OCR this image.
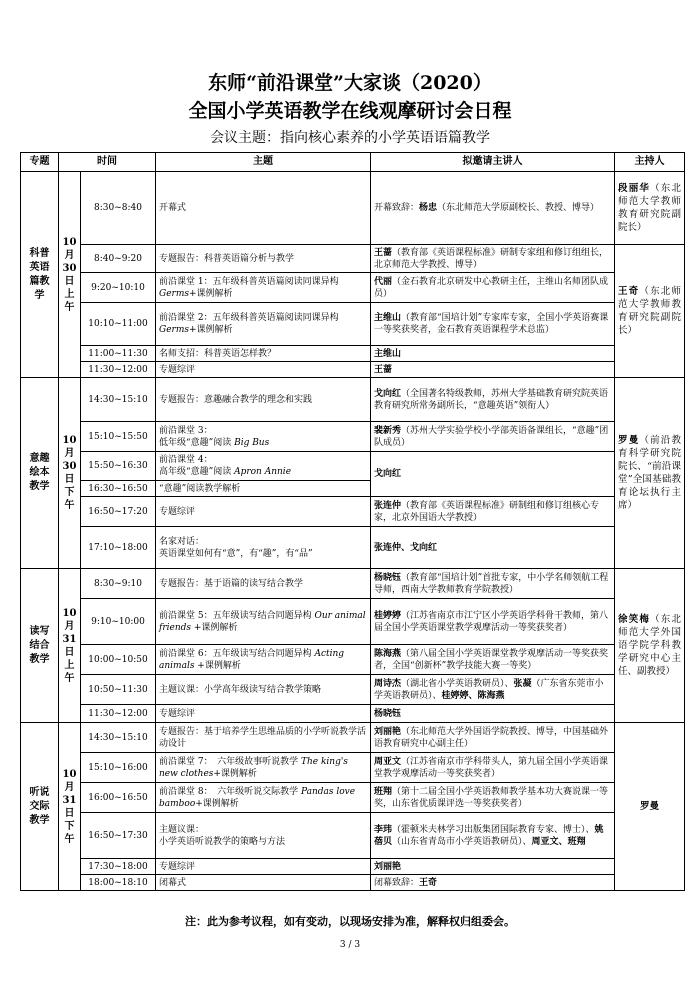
东师“前沿课堂”大家谈（2020）
全国小学英语教学在线观摩研讨会日程
会议主题：指向核心素养的小学英语语篇教学
专题	时间		主题	拟邀请主讲人	主持人
科普英语篇教学	10月30日上午	8:30~8:40	开幕式	开幕致辞：杨忠（东北师范大学原副校长、教授、博导）	段丽华（东北师范大学教师教育研究院副院长）
		8:40~9:20	专题报告：科普英语篇分析与教学	王蔷（教育部《英语课程标准》研制专家组和修订组组长，北京师范大学教授、博导）	王奇（东北师范大学教师教育研究院副院长）
		9:20~10:10	前沿课堂 1：五年级科普英语篇阅读同课异构 Germs+课例解析	代丽（金石教育北京研发中心教研主任，主维山名师团队成员）	
		10:10~11:00	前沿课堂 2：五年级科普英语篇阅读同课异构 Germs+课例解析	主维山（教育部“国培计划”专家库专家，全国小学英语赛课一等奖获奖者，金石教育英语课程学术总监）	
		11:00~11:30	名师支招：科普英语怎样教？	主维山	
		11:30~12:00	专题综评	王蔷	
意趣绘本教学	10月30日下午	14:30~15:10	专题报告：意趣融合教学的理念和实践	戈向红（全国著名特级教师，苏州大学基础教育研究院英语教育研究所常务副所长，“意趣英语”领衔人）	罗曼（前沿教育科学研究院院长、“前沿课堂”全国基础教育论坛执行主席）
		15:10~15:50	前沿课堂 3：
低年级“意趣”阅读 Big Bus	裴新秀（苏州大学实验学校小学部英语备课组长，“意趣”团队成员）	
		15:50~16:30	前沿课堂 4：
高年级“意趣”阅读 Apron Annie	戈向红	
		16:30~16:50	“意趣”阅读教学解析		
		16:50~17:20	专题综评	张连仲（教育部《英语课程标准》研制组和修订组核心专家，北京外国语大学教授）	
		17:10~18:00	名家对话：
英语课堂如何有“意”，有“趣”，有“品”	张连仲、戈向红	
读写结合教学	10月31日上午	8:30~9:10	专题报告：基于语篇的读写结合教学	杨晓钰（教育部“国培计划”首批专家，中小学名师领航工程导师，西南大学教师教育学院教授）	徐笑梅（东北师范大学外国语学院学科教学研究中心主任、副教授）
		9:10~10:00	前沿课堂 5：五年级读写结合同题异构 Our animal friends +课例解析	桂婷婷（江苏省南京市江宁区小学英语学科骨干教师，第八届全国小学英语课堂教学观摩活动一等奖获奖者）	
		10:00~10:50	前沿课堂 6：五年级读写结合同题异构 Acting animals +课例解析	陈海燕（第八届全国小学英语课堂教学观摩活动一等奖获奖者，全国“创新杯”教学技能大赛一等奖）	
		10:50~11:30	主题议课：小学高年级读写结合教学策略	周诗杰（湖北省小学英语教研员）、张凝（广东省东莞市小学英语教研员）、桂婷婷、陈海燕	
		11:30~12:00	专题综评	杨晓钰	
听说交际教学	10月31日下午	14:30~15:10	专题报告：基于培养学生思维品质的小学听说教学活动设计	刘丽艳（东北师范大学外国语学院教授、博导，中国基础外语教育研究中心副主任）	罗曼
		15:10~16:00	前沿课堂 7：　六年级故事听说教学 The king's new clothes+课例解析	周亚文（江苏省南京市学科带头人，第九届全国小学英语课堂教学观摩活动一等奖获奖者）	
		16:00~16:50	前沿课堂 8：　六年级听说交际教学 Pandas love bamboo+课例解析	班翔（第十二届全国小学英语教师教学基本功大赛说课一等奖，山东省优质课评选一等奖获奖者）	
		16:50~17:30	主题议课：
小学英语听说教学的策略与方法	李玮（霍顿米夫林学习出版集团国际教育专家、博士）、姚蓓贝（山东省青岛市小学英语教研员）、周亚文、班翔	
		17:30~18:00	专题综评	刘丽艳	
		18:00~18:10	闭幕式	闭幕致辞：王奇	
注：此为参考议程，如有变动，以现场安排为准，解释权归组委会。
3 / 3
